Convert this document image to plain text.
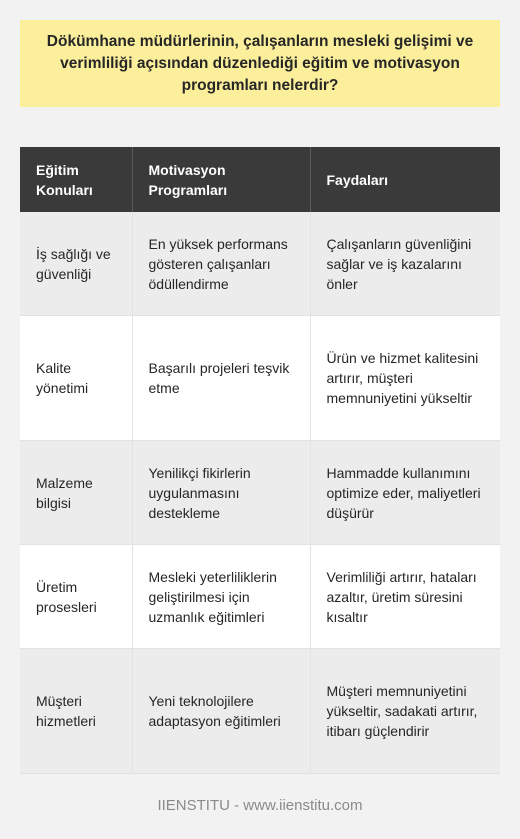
Dökümhane müdürlerinin, çalışanların mesleki gelişimi ve verimliliği açısından düzenlediği eğitim ve motivasyon programları nelerdir?
Eğitim Konuları	Motivasyon Programları	Faydaları
İş sağlığı ve güvenliği	En yüksek performans gösteren çalışanları ödüllendirme	Çalışanların güvenliğini sağlar ve iş kazalarını önler
Kalite yönetimi	Başarılı projeleri teşvik etme	Ürün ve hizmet kalitesini artırır, müşteri memnuniyetini yükseltir
Malzeme bilgisi	Yenilikçi fikirlerin uygulanmasını destekleme	Hammadde kullanımını optimize eder, maliyetleri düşürür
Üretim prosesleri	Mesleki yeterliliklerin geliştirilmesi için uzmanlık eğitimleri	Verimliliği artırır, hataları azaltır, üretim süresini kısaltır
Müşteri hizmetleri	Yeni teknolojilere adaptasyon eğitimleri	Müşteri memnuniyetini yükseltir, sadakati artırır, itibarı güçlendirir
IIENSTITU - www.iienstitu.com
